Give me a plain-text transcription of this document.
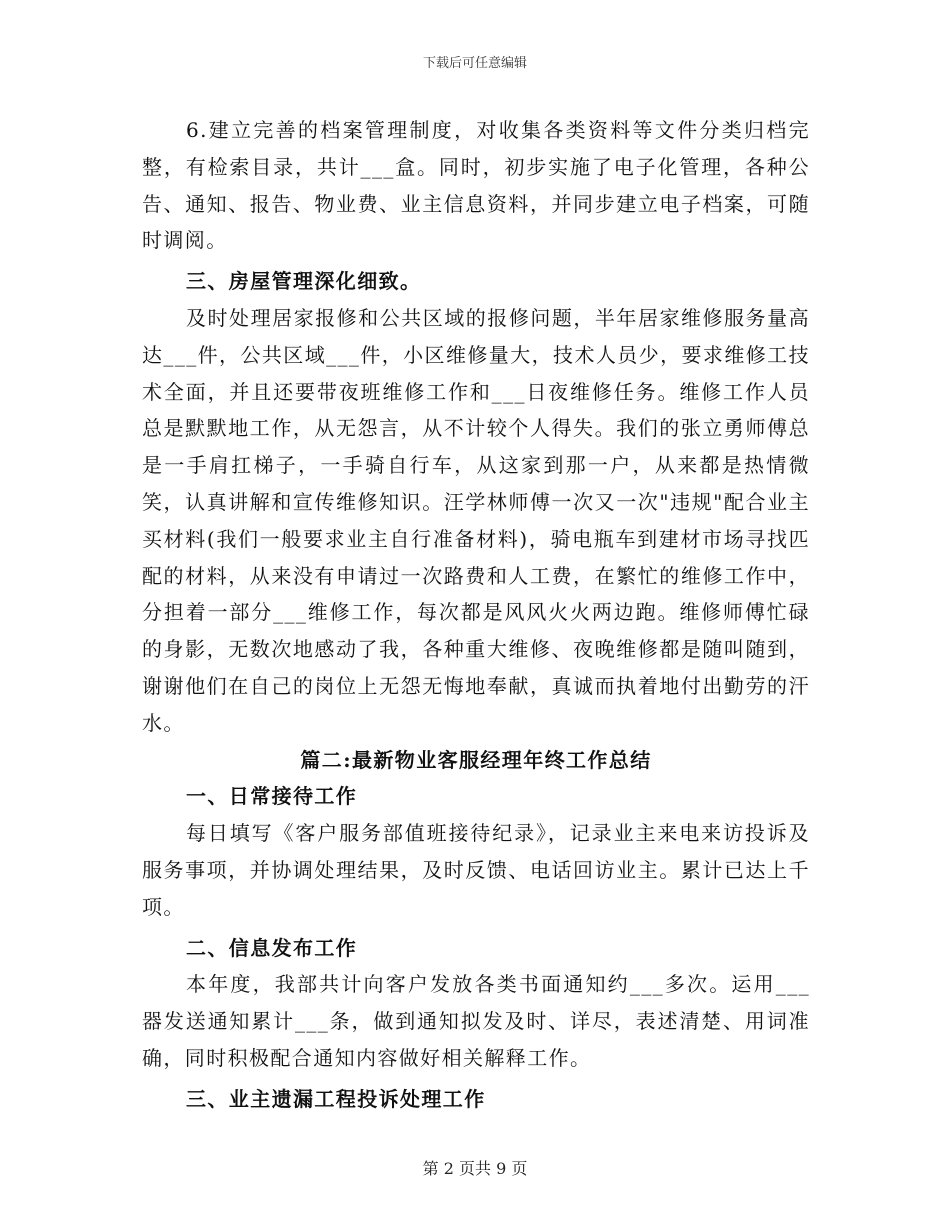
下载后可任意编辑

6.建立完善的档案管理制度，对收集各类资料等文件分类归档完整，有检索目录，共计___盒。同时，初步实施了电子化管理，各种公告、通知、报告、物业费、业主信息资料，并同步建立电子档案，可随时调阅。

三、房屋管理深化细致。

及时处理居家报修和公共区域的报修问题，半年居家维修服务量高达___件，公共区域___件，小区维修量大，技术人员少，要求维修工技术全面，并且还要带夜班维修工作和___日夜维修任务。维修工作人员总是默默地工作，从无怨言，从不计较个人得失。我们的张立勇师傅总是一手肩扛梯子，一手骑自行车，从这家到那一户，从来都是热情微笑，认真讲解和宣传维修知识。汪学林师傅一次又一次"违规"配合业主买材料(我们一般要求业主自行准备材料)，骑电瓶车到建材市场寻找匹配的材料，从来没有申请过一次路费和人工费，在繁忙的维修工作中，分担着一部分___维修工作，每次都是风风火火两边跑。维修师傅忙碌的身影，无数次地感动了我，各种重大维修、夜晚维修都是随叫随到，谢谢他们在自己的岗位上无怨无悔地奉献，真诚而执着地付出勤劳的汗水。

篇二:最新物业客服经理年终工作总结

一、日常接待工作

每日填写《客户服务部值班接待纪录》，记录业主来电来访投诉及服务事项，并协调处理结果，及时反馈、电话回访业主。累计已达上千项。

二、信息发布工作

本年度，我部共计向客户发放各类书面通知约___多次。运用___器发送通知累计___条，做到通知拟发及时、详尽，表述清楚、用词准确，同时积极配合通知内容做好相关解释工作。

三、业主遗漏工程投诉处理工作

第 2 页共 9 页
